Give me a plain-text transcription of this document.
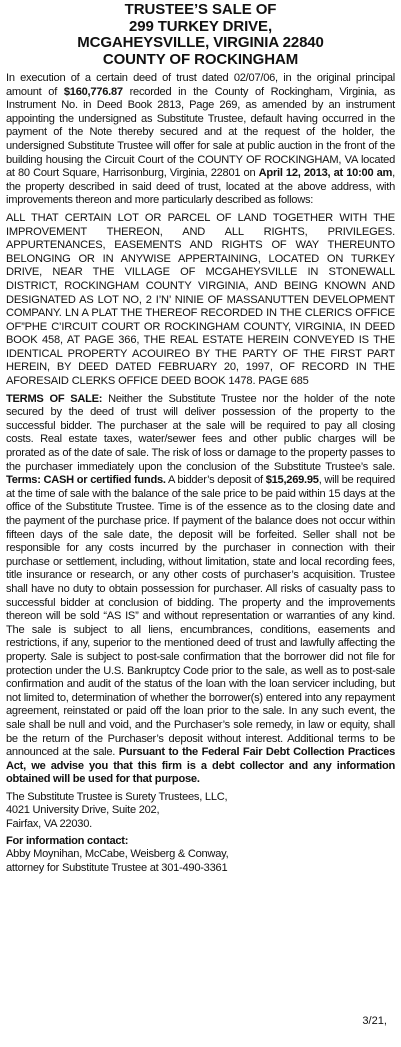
TRUSTEE’S SALE OF
299 TURKEY DRIVE,
MCGAHEYSVILLE, VIRGINIA 22840
COUNTY OF ROCKINGHAM

In execution of a certain deed of trust dated 02/07/06, in the original principal amount of $160,776.87 recorded in the County of Rockingham, Virginia, as Instrument No. in Deed Book 2813, Page 269, as amended by an instrument appointing the undersigned as Substitute Trustee, default having occurred in the payment of the Note thereby secured and at the request of the holder, the undersigned Substitute Trustee will offer for sale at public auction in the front of the building housing the Circuit Court of the COUNTY OF ROCKINGHAM, VA located at 80 Court Square, Harrisonburg, Virginia, 22801 on April 12, 2013, at 10:00 am, the property described in said deed of trust, located at the above address, with improvements thereon and more particularly described as follows:

ALL THAT CERTAIN LOT OR PARCEL OF LAND TOGETHER WITH THE IMPROVEMENT THEREON, AND ALL RIGHTS, PRIVILEGES. APPURTENANCES, EASEMENTS AND RIGHTS OF WAY THEREUNTO BELONGING OR IN ANYWISE APPERTAINING, LOCATED ON TURKEY DRIVE, NEAR THE VILLAGE OF MCGAHEYSVILLE IN STONEWALL DISTRICT, ROCKINGHAM COUNTY VIRGINIA, AND BEING KNOWN AND DESIGNATED AS LOT NO, 2 I’N’ NINIE OF MASSANUTTEN DEVELOPMENT COMPANY. LN A PLAT THE THEREOF RECORDED IN THE CLERICS OFFICE OF”PHE C’IRCUIT COURT OR ROCKINGHAM COUNTY, VIRGINIA, IN DEED BOOK 458, AT PAGE 366, THE REAL ESTATE HEREIN CONVEYED IS THE IDENTICAL PROPERTY ACOUIREO BY THE PARTY OF THE FIRST PART HEREIN, BY DEED DATED FEBRUARY 20, 1997, OF RECORD IN THE AFORESAID CLERKS OFFICE DEED BOOK 1478. PAGE 685

TERMS OF SALE: Neither the Substitute Trustee nor the holder of the note secured by the deed of trust will deliver possession of the property to the successful bidder. The purchaser at the sale will be required to pay all closing costs. Real estate taxes, water/sewer fees and other public charges will be prorated as of the date of sale. The risk of loss or damage to the property passes to the purchaser immediately upon the conclusion of the Substitute Trustee’s sale. Terms: CASH or certified funds. A bidder’s deposit of $15,269.95, will be required at the time of sale with the balance of the sale price to be paid within 15 days at the office of the Substitute Trustee. Time is of the essence as to the closing date and the payment of the purchase price. If payment of the balance does not occur within fifteen days of the sale date, the deposit will be forfeited. Seller shall not be responsible for any costs incurred by the purchaser in connection with their purchase or settlement, including, without limitation, state and local recording fees, title insurance or research, or any other costs of purchaser’s acquisition. Trustee shall have no duty to obtain possession for purchaser. All risks of casualty pass to successful bidder at conclusion of bidding. The property and the improvements thereon will be sold “AS IS” and without representation or warranties of any kind. The sale is subject to all liens, encumbrances, conditions, easements and restrictions, if any, superior to the mentioned deed of trust and lawfully affecting the property. Sale is subject to post-sale confirmation that the borrower did not file for protection under the U.S. Bankruptcy Code prior to the sale, as well as to post-sale confirmation and audit of the status of the loan with the loan servicer including, but not limited to, determination of whether the borrower(s) entered into any repayment agreement, reinstated or paid off the loan prior to the sale. In any such event, the sale shall be null and void, and the Purchaser’s sole remedy, in law or equity, shall be the return of the Purchaser’s deposit without interest. Additional terms to be announced at the sale. Pursuant to the Federal Fair Debt Collection Practices Act, we advise you that this firm is a debt collector and any information obtained will be used for that purpose.

The Substitute Trustee is Surety Trustees, LLC,
4021 University Drive, Suite 202,
Fairfax, VA 22030.

For information contact:
Abby Moynihan, McCabe, Weisberg & Conway,
attorney for Substitute Trustee at 301-490-3361

3/21,
